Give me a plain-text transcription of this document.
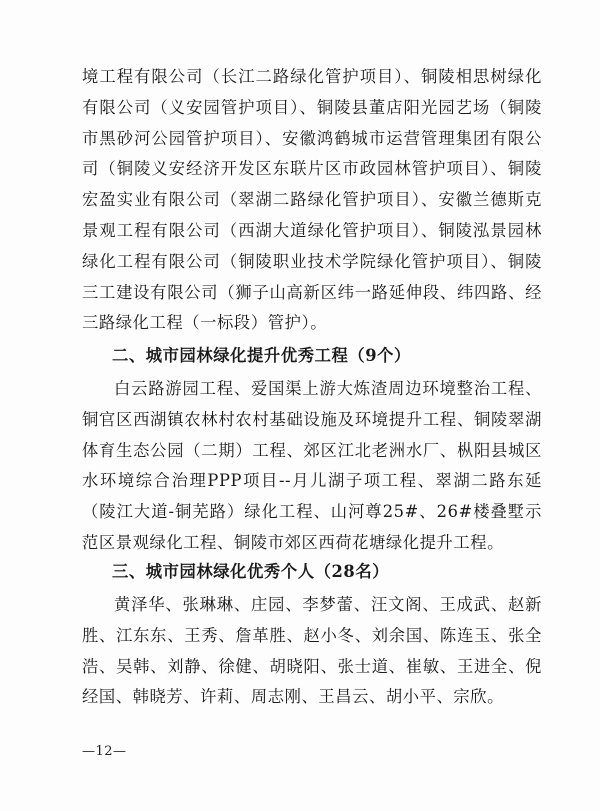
境工程有限公司（长江二路绿化管护项目）、铜陵相思树绿化有限公司（义安园管护项目）、铜陵县董店阳光园艺场（铜陵市黑砂河公园管护项目）、安徽鸿鹤城市运营管理集团有限公司（铜陵义安经济开发区东联片区市政园林管护项目）、铜陵宏盈实业有限公司（翠湖二路绿化管护项目）、安徽兰德斯克景观工程有限公司（西湖大道绿化管护项目）、铜陵泓景园林绿化工程有限公司（铜陵职业技术学院绿化管护项目）、铜陵三工建设有限公司（狮子山高新区纬一路延伸段、纬四路、经三路绿化工程（一标段）管护）。

二、城市园林绿化提升优秀工程（9个）

白云路游园工程、爱国渠上游大炼渣周边环境整治工程、铜官区西湖镇农林村农村基础设施及环境提升工程、铜陵翠湖体育生态公园（二期）工程、郊区江北老洲水厂、枞阳县城区水环境综合治理PPP项目--月儿湖子项工程、翠湖二路东延（陵江大道-铜芜路）绿化工程、山河尊25#、26#楼叠墅示范区景观绿化工程、铜陵市郊区西荷花塘绿化提升工程。

三、城市园林绿化优秀个人（28名）

黄泽华、张琳琳、庄园、李梦蕾、汪文阁、王成武、赵新胜、江东东、王秀、詹革胜、赵小冬、刘余国、陈连玉、张全浩、吴韩、刘静、徐健、胡晓阳、张士道、崔敏、王进全、倪经国、韩晓芳、许莉、周志刚、王昌云、胡小平、宗欣。

—12—
